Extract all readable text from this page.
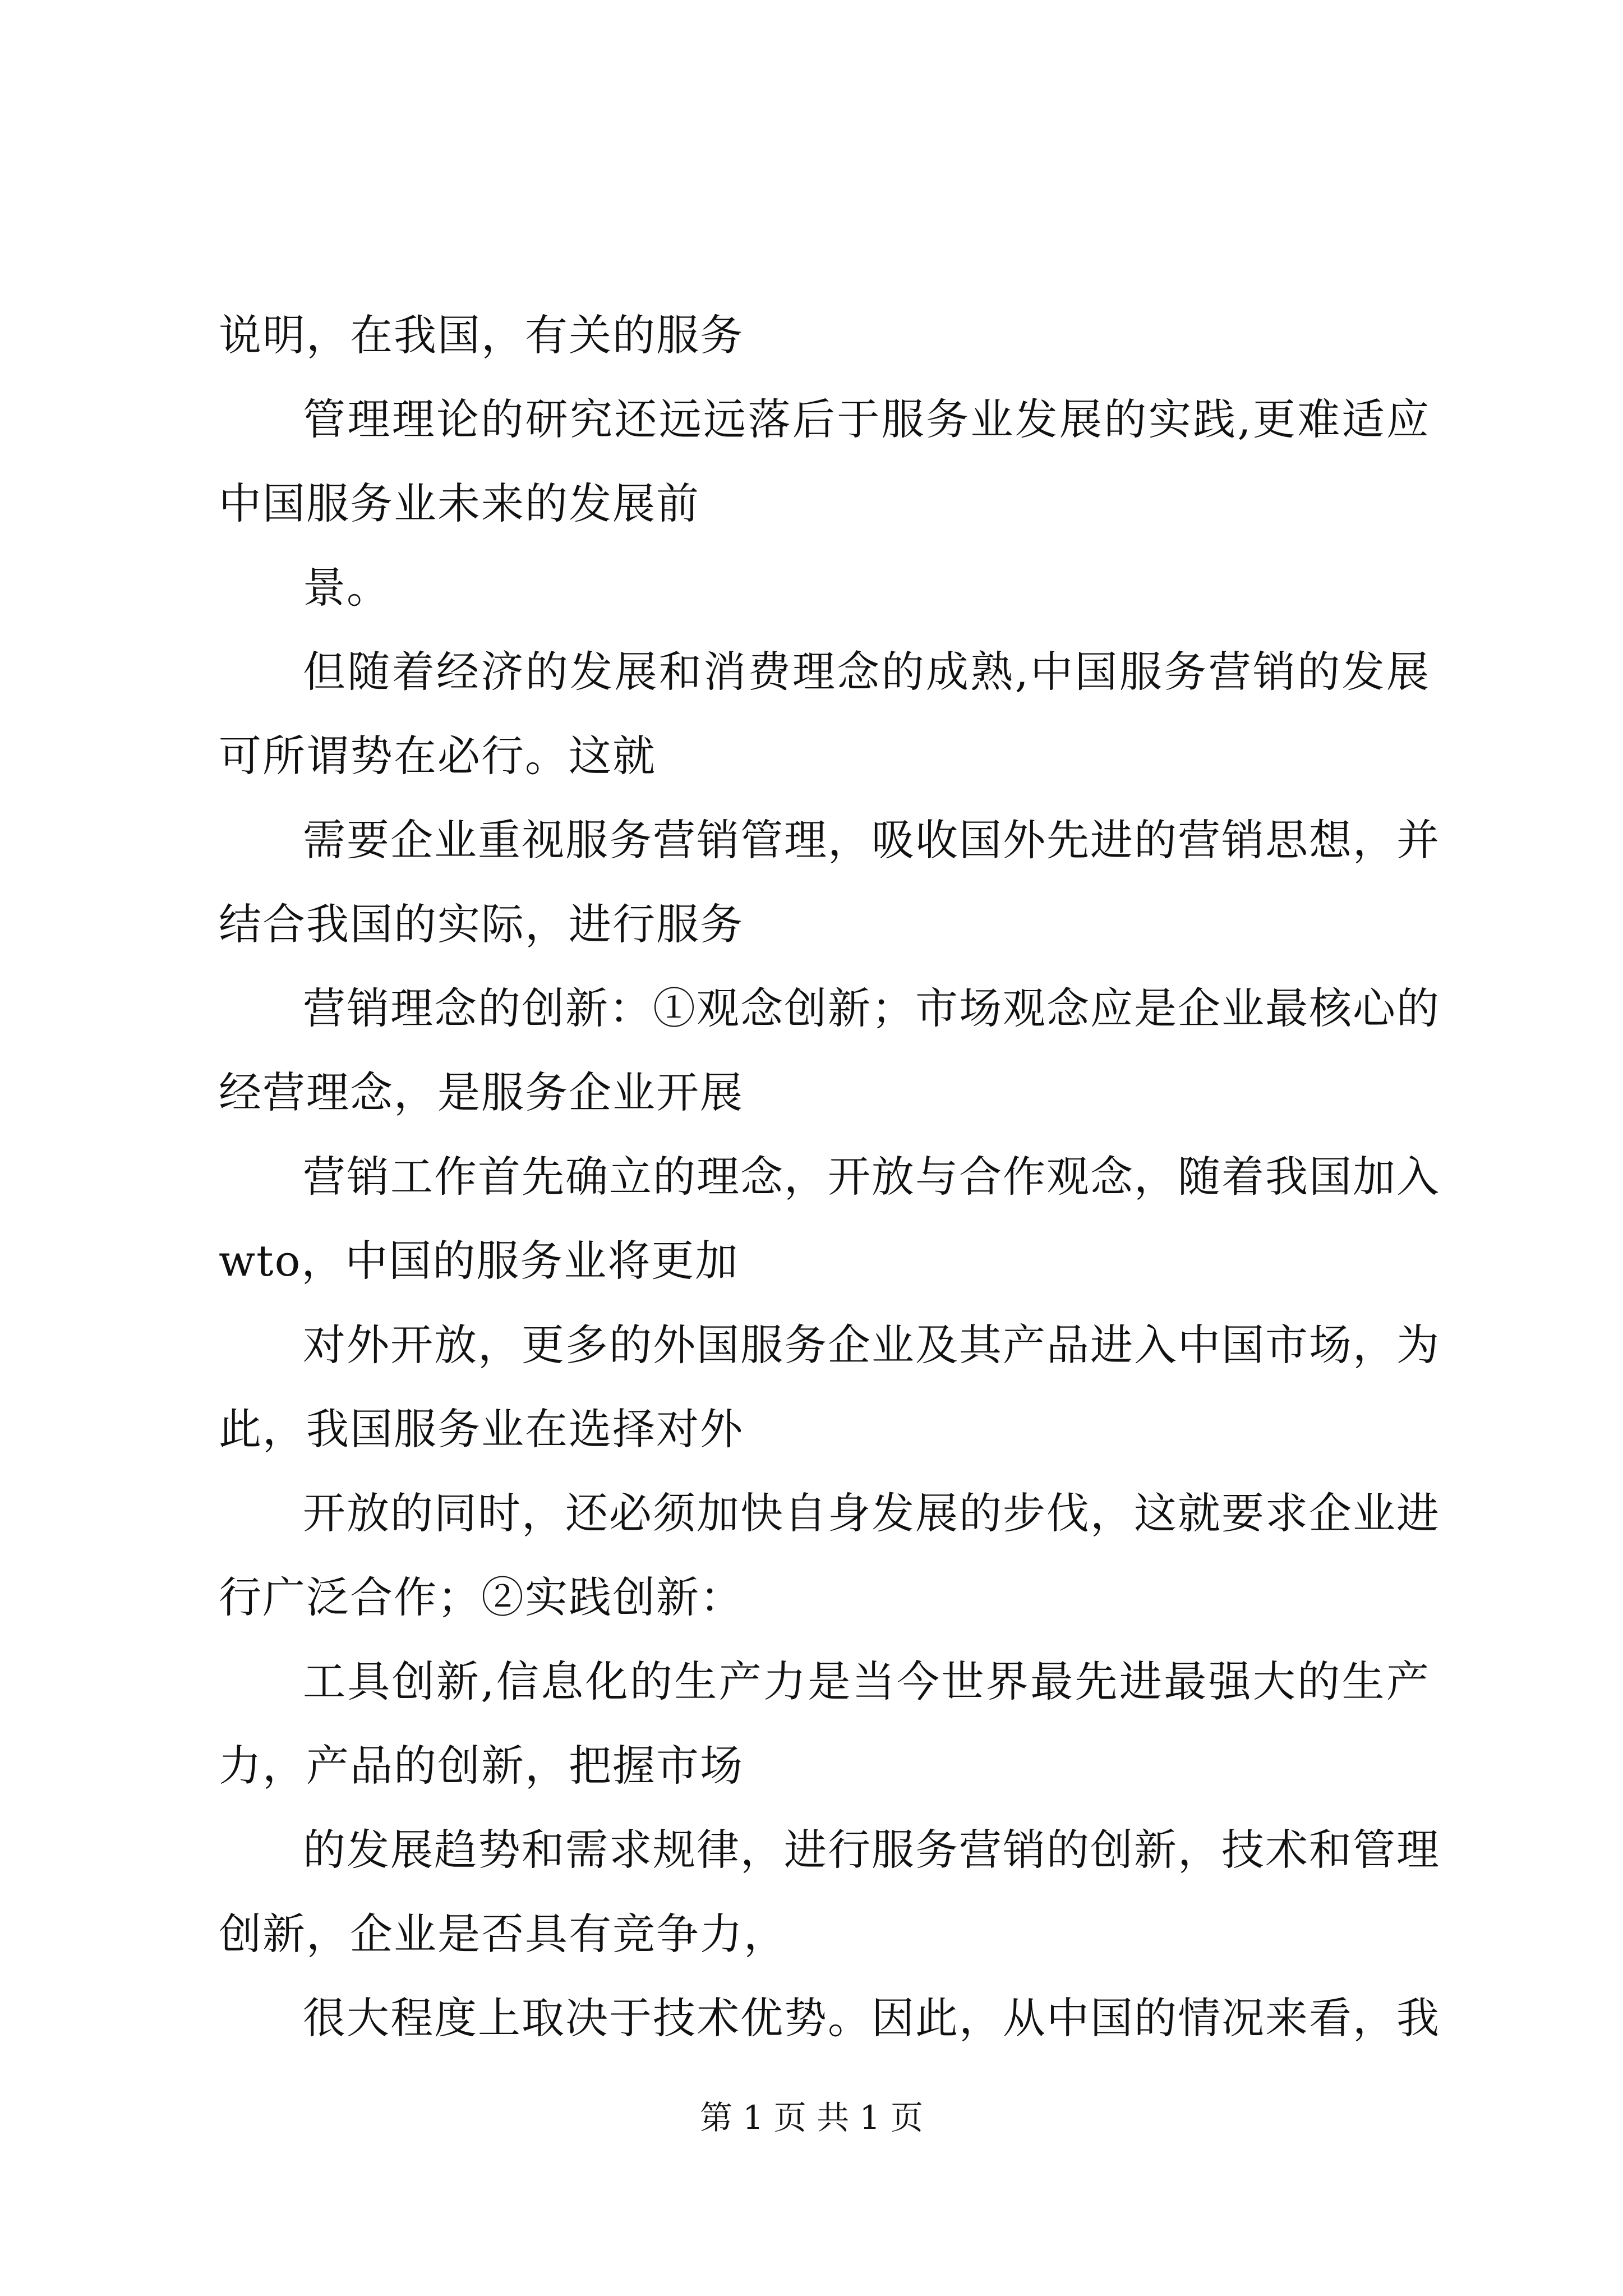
说明，在我国，有关的服务
管理理论的研究还远远落后于服务业发展的实践,更难适应
中国服务业未来的发展前
景。
但随着经济的发展和消费理念的成熟,中国服务营销的发展
可所谓势在必行。这就
需要企业重视服务营销管理，吸收国外先进的营销思想，并
结合我国的实际，进行服务
营销理念的创新：①观念创新；市场观念应是企业最核心的
经营理念，是服务企业开展
营销工作首先确立的理念，开放与合作观念，随着我国加入
wto，中国的服务业将更加
对外开放，更多的外国服务企业及其产品进入中国市场，为
此，我国服务业在选择对外
开放的同时，还必须加快自身发展的步伐，这就要求企业进
行广泛合作；②实践创新：
工具创新,信息化的生产力是当今世界最先进最强大的生产
力，产品的创新，把握市场
的发展趋势和需求规律，进行服务营销的创新，技术和管理
创新，企业是否具有竞争力，
很大程度上取决于技术优势。因此，从中国的情况来看，我
第 1 页 共 1 页
